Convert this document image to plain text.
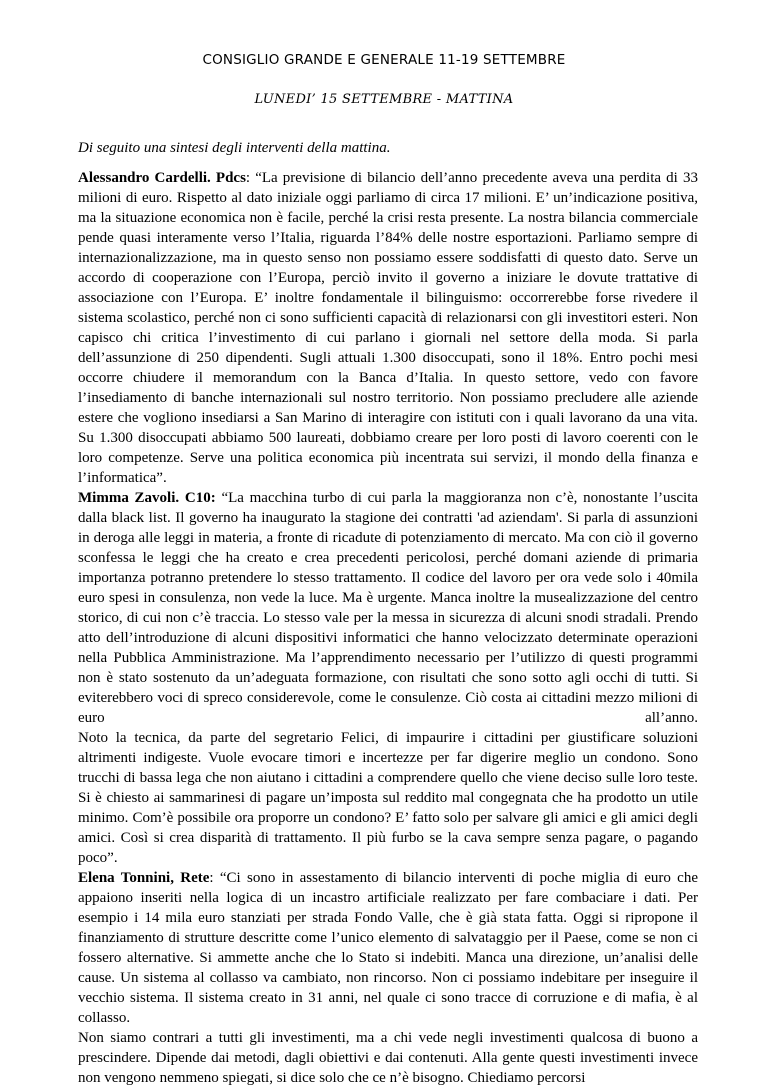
CONSIGLIO GRANDE E GENERALE 11-19 SETTEMBRE
LUNEDI’ 15 SETTEMBRE - MATTINA
Di seguito una sintesi degli interventi della mattina.

Alessandro Cardelli. Pdcs: “La previsione di bilancio dell’anno precedente aveva una perdita di 33 milioni di euro. Rispetto al dato iniziale oggi parliamo di circa 17 milioni. E’ un’indicazione positiva, ma la situazione economica non è facile, perché la crisi resta presente. La nostra bilancia commerciale pende quasi interamente verso l’Italia, riguarda l’84% delle nostre esportazioni. Parliamo sempre di internazionalizzazione, ma in questo senso non possiamo essere soddisfatti di questo dato. Serve un accordo di cooperazione con l’Europa, perciò invito il governo a iniziare le dovute trattative di associazione con l’Europa. E’ inoltre fondamentale il bilinguismo: occorrerebbe forse rivedere il sistema scolastico, perché non ci sono sufficienti capacità di relazionarsi con gli investitori esteri. Non capisco chi critica l’investimento di cui parlano i giornali nel settore della moda. Si parla dell’assunzione di 250 dipendenti. Sugli attuali 1.300 disoccupati, sono il 18%. Entro pochi mesi occorre chiudere il memorandum con la Banca d’Italia. In questo settore, vedo con favore l’insediamento di banche internazionali sul nostro territorio. Non possiamo precludere alle aziende estere che vogliono insediarsi a San Marino di interagire con istituti con i quali lavorano da una vita. Su 1.300 disoccupati abbiamo 500 laureati, dobbiamo creare per loro posti di lavoro coerenti con le loro competenze. Serve una politica economica più incentrata sui servizi, il mondo della finanza e l’informatica”.

Mimma Zavoli. C10: “La macchina turbo di cui parla la maggioranza non c’è, nonostante l’uscita dalla black list. Il governo ha inaugurato la stagione dei contratti 'ad aziendam'. Si parla di assunzioni in deroga alle leggi in materia, a fronte di ricadute di potenziamento di mercato. Ma con ciò il governo sconfessa le leggi che ha creato e crea precedenti pericolosi, perché domani aziende di primaria importanza potranno pretendere lo stesso trattamento. Il codice del lavoro per ora vede solo i 40mila euro spesi in consulenza, non vede la luce. Ma è urgente. Manca inoltre la musealizzazione del centro storico, di cui non c’è traccia. Lo stesso vale per la messa in sicurezza di alcuni snodi stradali. Prendo atto dell’introduzione di alcuni dispositivi informatici che hanno velocizzato determinate operazioni nella Pubblica Amministrazione. Ma l’apprendimento necessario per l’utilizzo di questi programmi non è stato sostenuto da un’adeguata formazione, con risultati che sono sotto agli occhi di tutti. Si eviterebbero voci di spreco considerevole, come le consulenze. Ciò costa ai cittadini mezzo milioni di euro all’anno.

Noto la tecnica, da parte del segretario Felici, di impaurire i cittadini per giustificare soluzioni altrimenti indigeste. Vuole evocare timori e incertezze per far digerire meglio un condono. Sono trucchi di bassa lega che non aiutano i cittadini a comprendere quello che viene deciso sulle loro teste. Si è chiesto ai sammarinesi di pagare un’imposta sul reddito mal congegnata che ha prodotto un utile minimo. Com’è possibile ora proporre un condono? E’ fatto solo per salvare gli amici e gli amici degli amici. Così si crea disparità di trattamento. Il più furbo se la cava sempre senza pagare, o pagando poco”.

Elena Tonnini, Rete: “Ci sono in assestamento di bilancio interventi di poche miglia di euro che appaiono inseriti nella logica di un incastro artificiale realizzato per fare combaciare i dati. Per esempio i 14 mila euro stanziati per strada Fondo Valle, che è già stata fatta. Oggi si ripropone il finanziamento di strutture descritte come l’unico elemento di salvataggio per il Paese, come se non ci fossero alternative. Si ammette anche che lo Stato si indebiti. Manca una direzione, un’analisi delle cause. Un sistema al collasso va cambiato, non rincorso. Non ci possiamo indebitare per inseguire il vecchio sistema. Il sistema creato in 31 anni, nel quale ci sono tracce di corruzione e di mafia, è al collasso.

Non siamo contrari a tutti gli investimenti, ma a chi vede negli investimenti qualcosa di buono a prescindere. Dipende dai metodi, dagli obiettivi e dai contenuti. Alla gente questi investimenti invece non vengono nemmeno spiegati, si dice solo che ce n’è bisogno. Chiediamo percorsi
